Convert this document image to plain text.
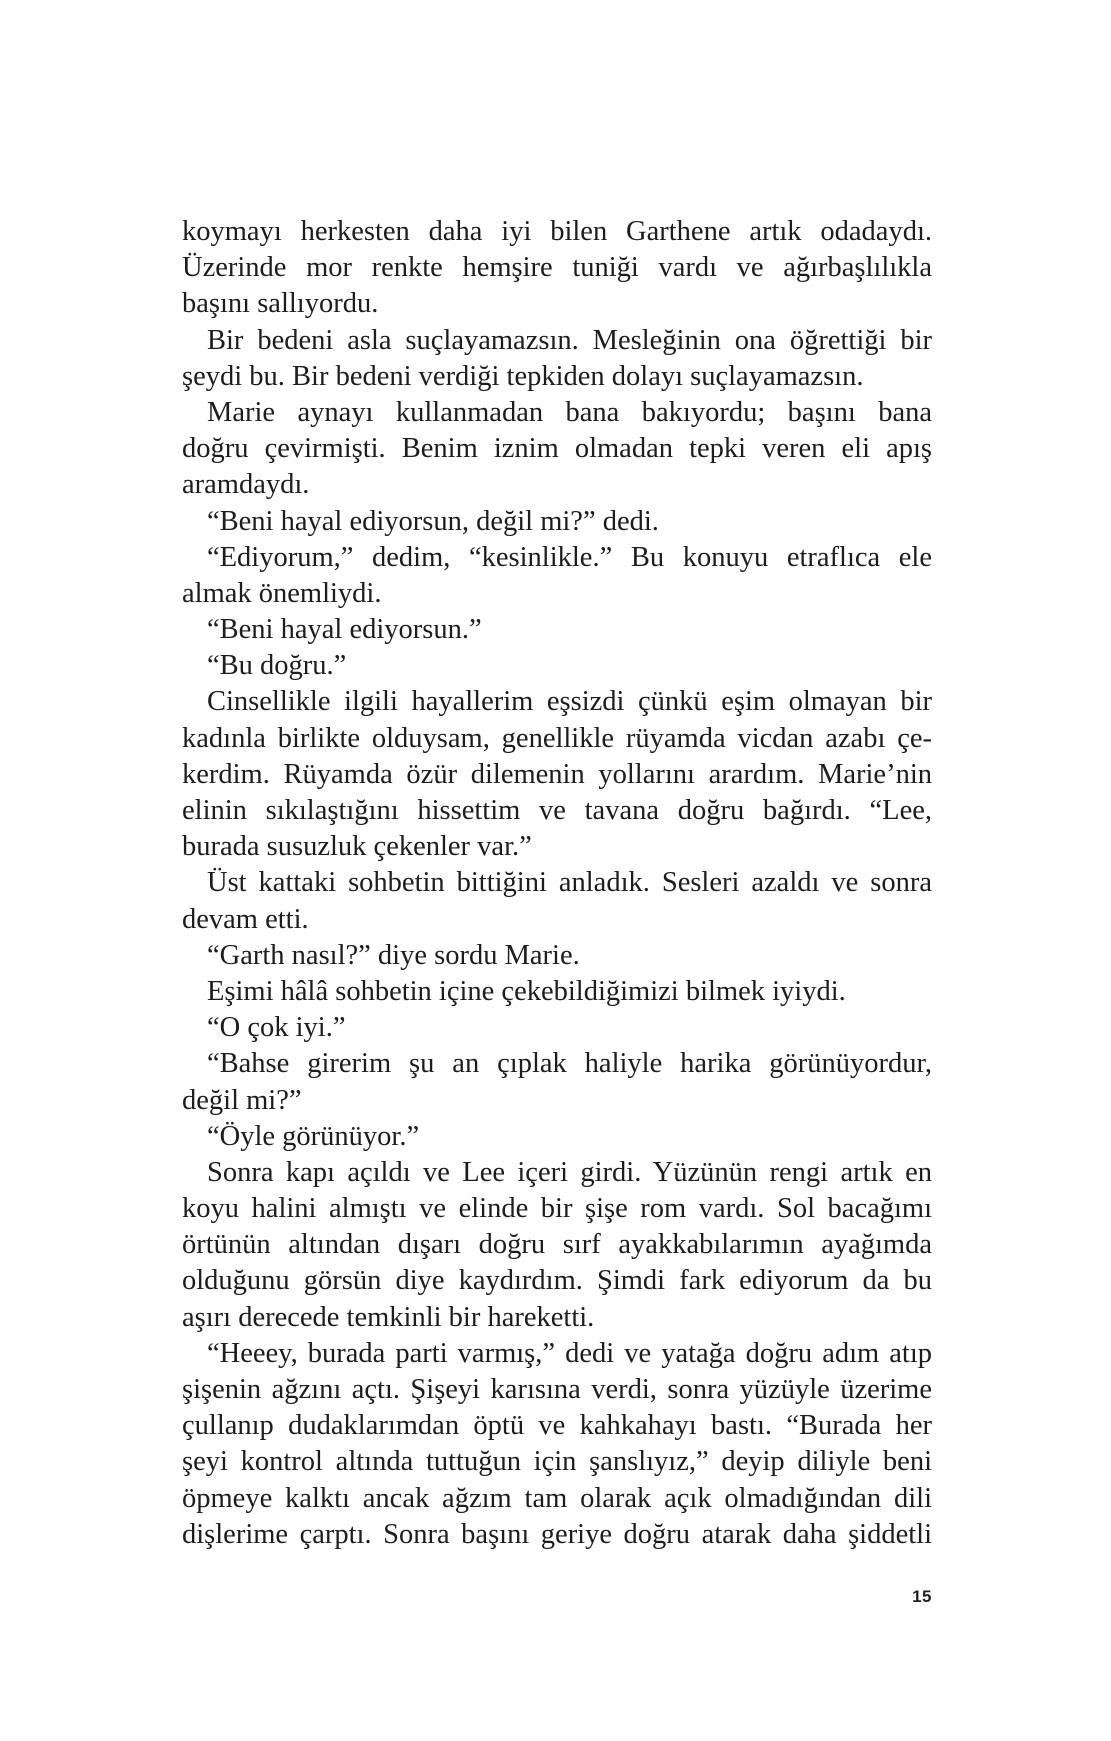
koymayı herkesten daha iyi bilen Garthene artık odadaydı.
Üzerinde mor renkte hemşire tuniği vardı ve ağırbaşlılıkla
başını sallıyordu.
Bir bedeni asla suçlayamazsın. Mesleğinin ona öğrettiği bir
şeydi bu. Bir bedeni verdiği tepkiden dolayı suçlayamazsın.
Marie aynayı kullanmadan bana bakıyordu; başını bana
doğru çevirmişti. Benim iznim olmadan tepki veren eli apış
aramdaydı.
“Beni hayal ediyorsun, değil mi?” dedi.
“Ediyorum,” dedim, “kesinlikle.” Bu konuyu etraflıca ele
almak önemliydi.
“Beni hayal ediyorsun.”
“Bu doğru.”
Cinsellikle ilgili hayallerim eşsizdi çünkü eşim olmayan bir
kadınla birlikte olduysam, genellikle rüyamda vicdan azabı çe-
kerdim. Rüyamda özür dilemenin yollarını arardım. Marie’nin
elinin sıkılaştığını hissettim ve tavana doğru bağırdı. “Lee,
burada susuzluk çekenler var.”
Üst kattaki sohbetin bittiğini anladık. Sesleri azaldı ve sonra
devam etti.
“Garth nasıl?” diye sordu Marie.
Eşimi hâlâ sohbetin içine çekebildiğimizi bilmek iyiydi.
“O çok iyi.”
“Bahse girerim şu an çıplak haliyle harika görünüyordur,
değil mi?”
“Öyle görünüyor.”
Sonra kapı açıldı ve Lee içeri girdi. Yüzünün rengi artık en
koyu halini almıştı ve elinde bir şişe rom vardı. Sol bacağımı
örtünün altından dışarı doğru sırf ayakkabılarımın ayağımda
olduğunu görsün diye kaydırdım. Şimdi fark ediyorum da bu
aşırı derecede temkinli bir hareketti.
“Heeey, burada parti varmış,” dedi ve yatağa doğru adım atıp
şişenin ağzını açtı. Şişeyi karısına verdi, sonra yüzüyle üzerime
çullanıp dudaklarımdan öptü ve kahkahayı bastı. “Burada her
şeyi kontrol altında tuttuğun için şanslıyız,” deyip diliyle beni
öpmeye kalktı ancak ağzım tam olarak açık olmadığından dili
dişlerime çarptı. Sonra başını geriye doğru atarak daha şiddetli
15
